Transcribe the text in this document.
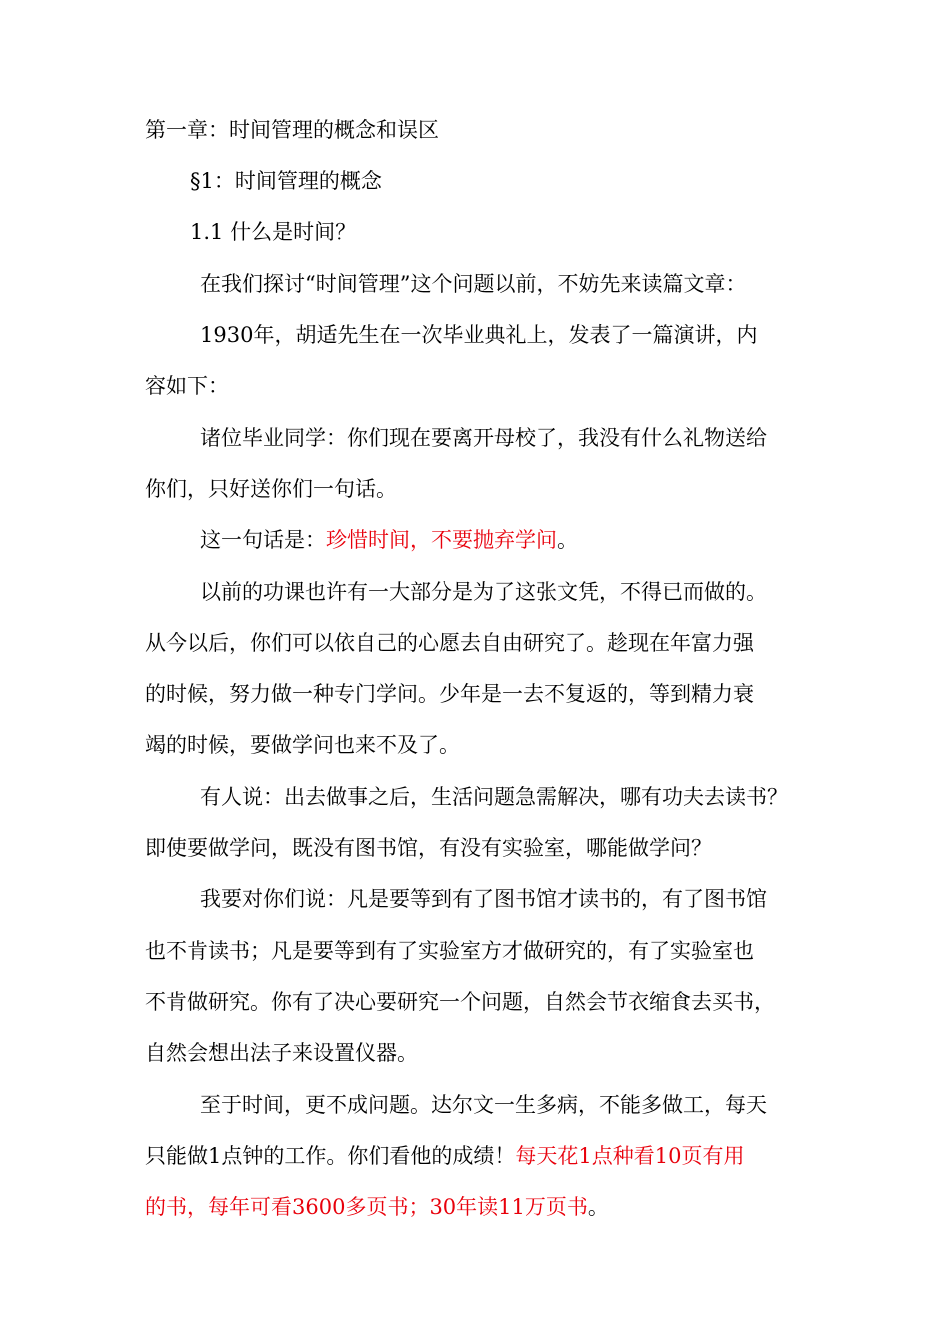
第一章：时间管理的概念和误区
§1：时间管理的概念
1.1 什么是时间？
在我们探讨“时间管理”这个问题以前，不妨先来读篇文章：
1930年，胡适先生在一次毕业典礼上，发表了一篇演讲，内
容如下：
诸位毕业同学：你们现在要离开母校了，我没有什么礼物送给
你们，只好送你们一句话。
这一句话是：珍惜时间，不要抛弃学问。
以前的功课也许有一大部分是为了这张文凭，不得已而做的。
从今以后，你们可以依自己的心愿去自由研究了。趁现在年富力强
的时候，努力做一种专门学问。少年是一去不复返的，等到精力衰
竭的时候，要做学问也来不及了。
有人说：出去做事之后，生活问题急需解决，哪有功夫去读书？
即使要做学问，既没有图书馆，有没有实验室，哪能做学问？
我要对你们说：凡是要等到有了图书馆才读书的，有了图书馆
也不肯读书；凡是要等到有了实验室方才做研究的，有了实验室也
不肯做研究。你有了决心要研究一个问题，自然会节衣缩食去买书，
自然会想出法子来设置仪器。
至于时间，更不成问题。达尔文一生多病，不能多做工，每天
只能做1点钟的工作。你们看他的成绩！每天花1点种看10页有用
的书，每年可看3600多页书；30年读11万页书。
